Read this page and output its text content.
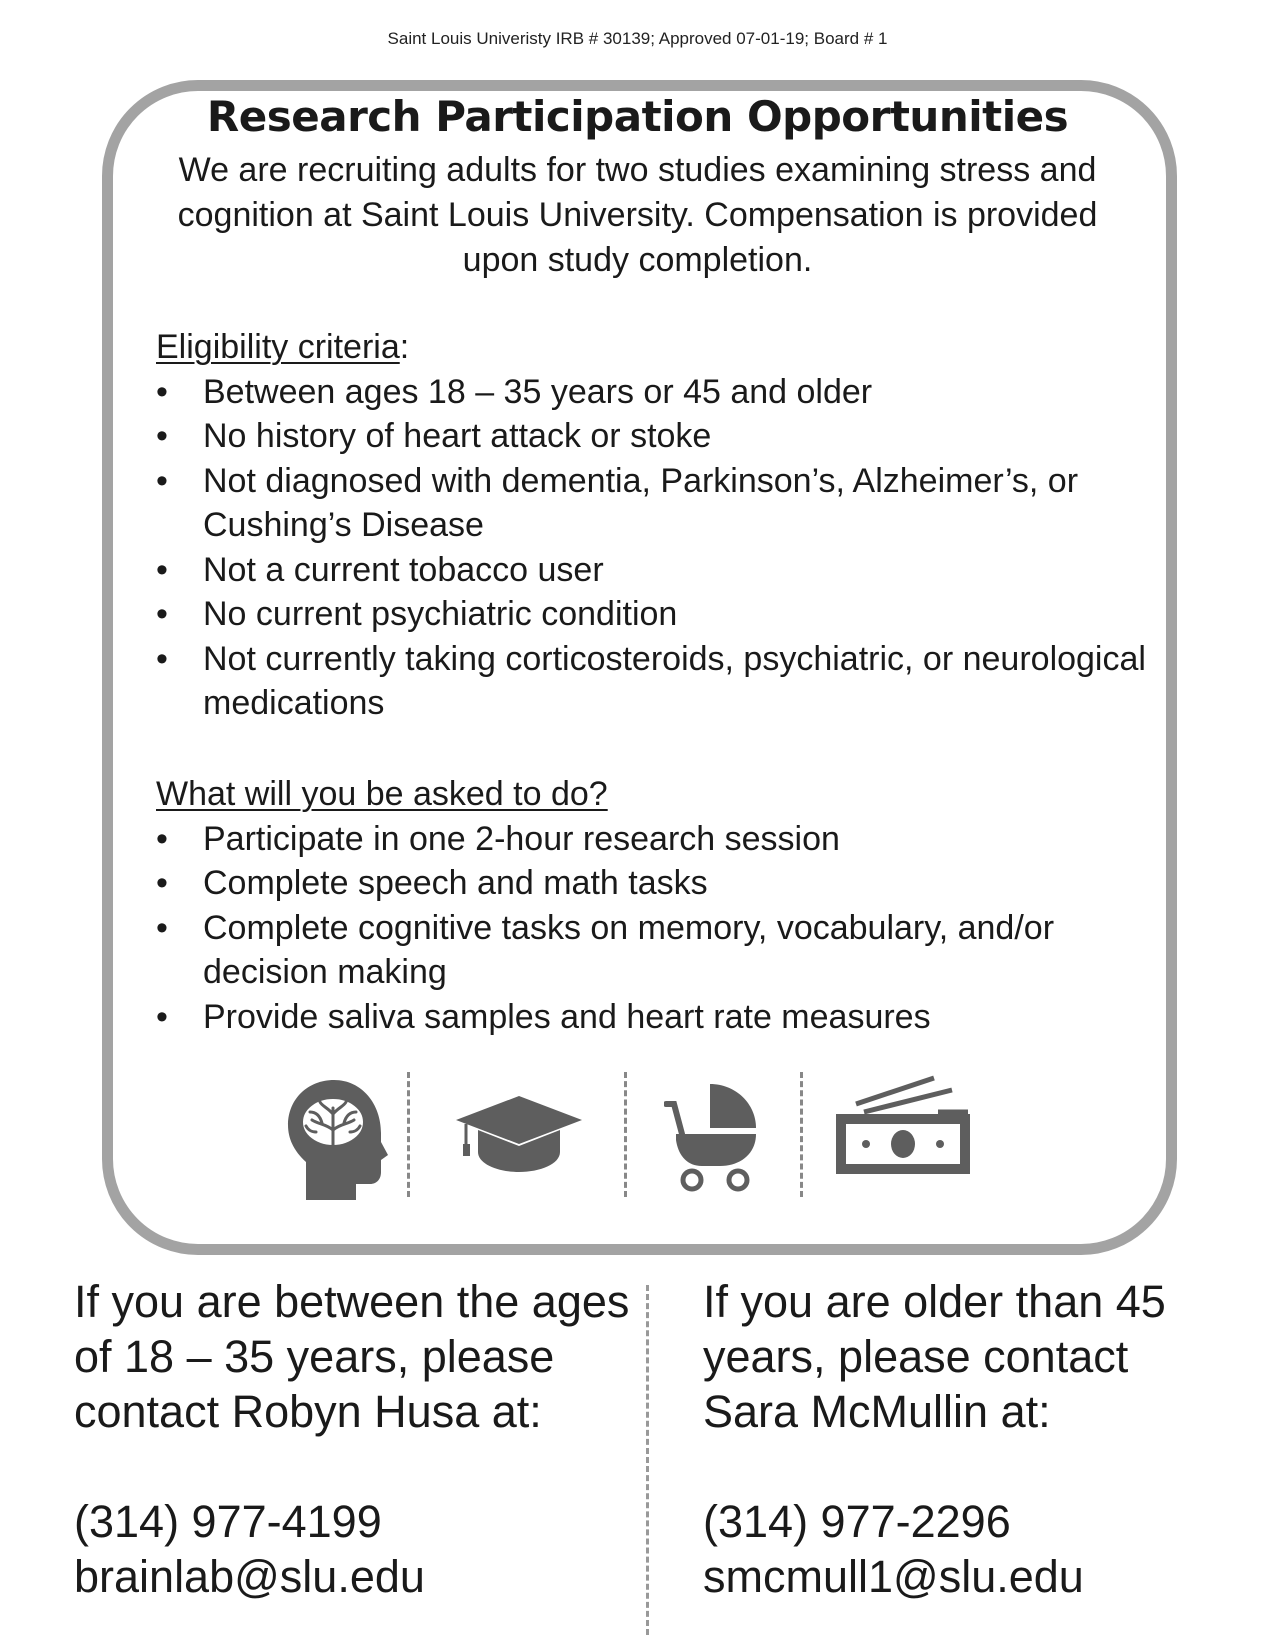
Saint Louis Univeristy IRB # 30139; Approved 07-01-19; Board # 1
Research Participation Opportunities
We are recruiting adults for two studies examining stress and cognition at Saint Louis University. Compensation is provided upon study completion.

Eligibility criteria:

• Between ages 18 – 35 years or 45 and older
• No history of heart attack or stoke
• Not diagnosed with dementia, Parkinson’s, Alzheimer’s, or Cushing’s Disease
• Not a current tobacco user
• No current psychiatric condition
• Not currently taking corticosteroids, psychiatric, or neurological medications

What will you be asked to do?

• Participate in one 2-hour research session
• Complete speech and math tasks
• Complete cognitive tasks on memory, vocabulary, and/or decision making
• Provide saliva samples and heart rate measures
If you are between the ages
of 18 – 35 years, please
contact Robyn Husa at:
(314) 977-4199
brainlab@slu.edu
If you are older than 45
years, please contact
Sara McMullin at:
(314) 977-2296
smcmull1@slu.edu
